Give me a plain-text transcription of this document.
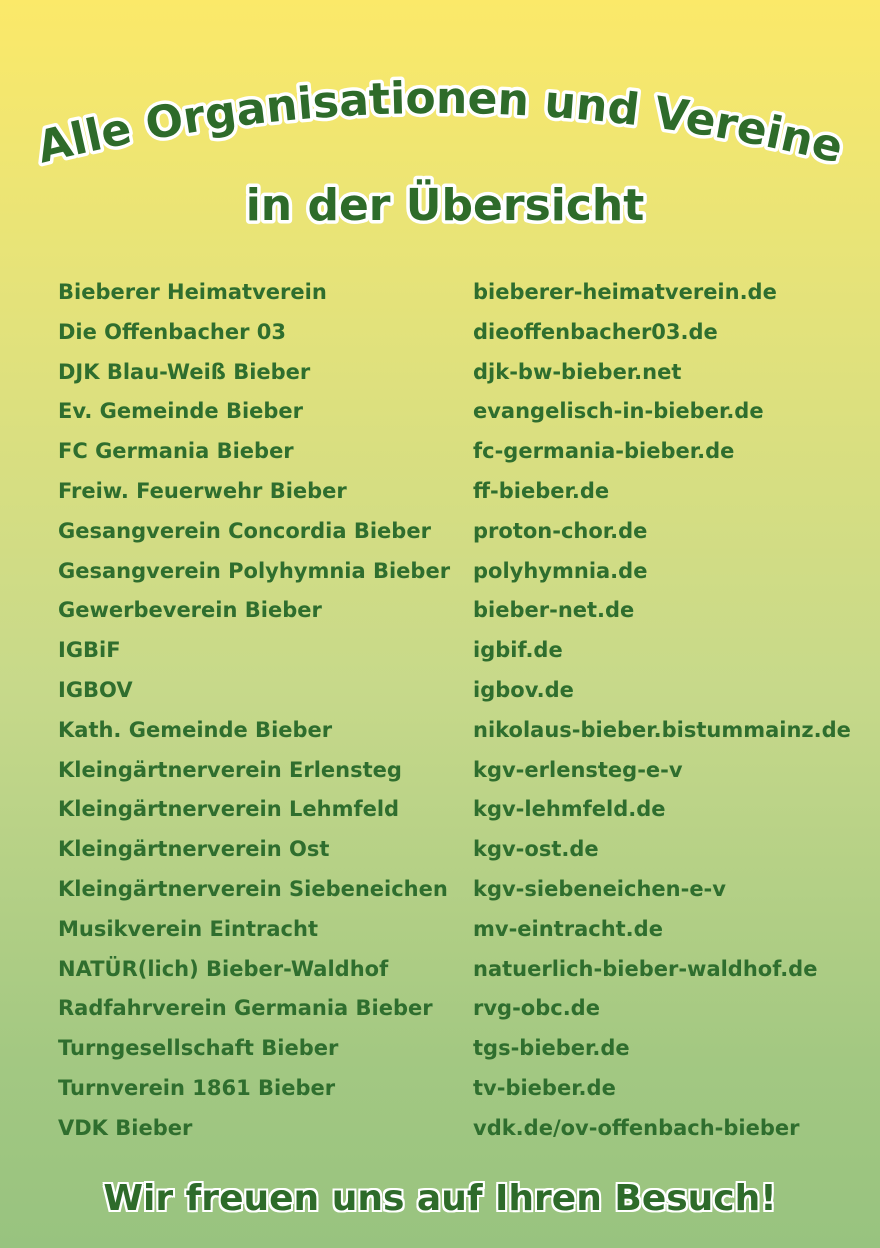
Alle Organisationen und Vereine
in der Übersicht
Bieberer Heimatverein	bieberer-heimatverein.de
Die Offenbacher 03	dieoffenbacher03.de
DJK Blau-Weiß Bieber	djk-bw-bieber.net
Ev. Gemeinde Bieber	evangelisch-in-bieber.de
FC Germania Bieber	fc-germania-bieber.de
Freiw. Feuerwehr Bieber	ff-bieber.de
Gesangverein Concordia Bieber proton-chor.de
Gesangverein Polyhymnia Bieber polyhymnia.de
Gewerbeverein Bieber	bieber-net.de
IGBiF	igbif.de
IGBOV	igbov.de
Kath. Gemeinde Bieber	nikolaus-bieber.bistummainz.de
Kleingärtnerverein Erlensteg	kgv-erlensteg-e-v
Kleingärtnerverein Lehmfeld	kgv-lehmfeld.de
Kleingärtnerverein Ost	kgv-ost.de
Kleingärtnerverein Siebeneichen kgv-siebeneichen-e-v
Musikverein Eintracht	mv-eintracht.de
NATÜR(lich) Bieber-Waldhof	natuerlich-bieber-waldhof.de
Radfahrverein Germania Bieber rvg-obc.de
Turngesellschaft Bieber	tgs-bieber.de
Turnverein 1861 Bieber	tv-bieber.de
VDK Bieber	vdk.de/ov-offenbach-bieber
Wir freuen uns auf Ihren Besuch!
